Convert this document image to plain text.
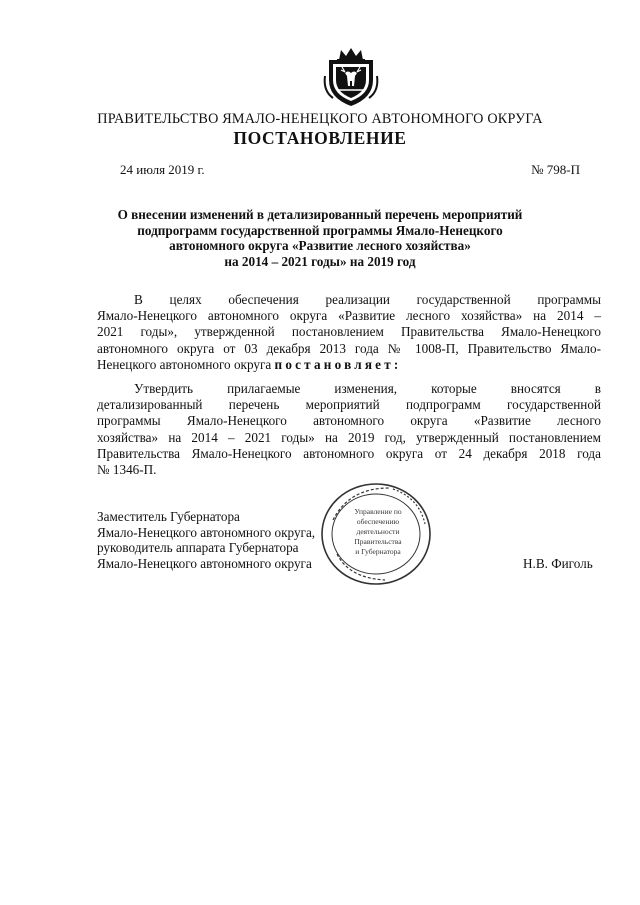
ПРАВИТЕЛЬСТВО ЯМАЛО-НЕНЕЦКОГО АВТОНОМНОГО ОКРУГА
ПОСТАНОВЛЕНИЕ
24 июля 2019 г.	№ 798-П
О внесении изменений в детализированный перечень мероприятий
подпрограмм государственной программы Ямало-Ненецкого
автономного округа «Развитие лесного хозяйства»
на 2014 – 2021 годы» на 2019 год
В целях обеспечения реализации государственной программы
Ямало-Ненецкого автономного округа «Развитие лесного хозяйства» на 2014 –
2021 годы», утвержденной постановлением Правительства Ямало-Ненецкого
автономного округа от 03 декабря 2013 года № 1008-П, Правительство Ямало-
Ненецкого автономного округа постановляет:
Утвердить прилагаемые изменения, которые вносятся в
детализированный перечень мероприятий подпрограмм государственной
программы Ямало-Ненецкого автономного округа «Развитие лесного
хозяйства» на 2014 – 2021 годы» на 2019 год, утвержденный постановлением
Правительства Ямало-Ненецкого автономного округа от 24 декабря 2018 года
№ 1346-П.
Заместитель Губернатора
Ямало-Ненецкого автономного округа,
руководитель аппарата Губернатора
Ямало-Ненецкого автономного округа	Н.В. Фиголь
Управление по
обеспечению
деятельности
Правительства
и Губернатора
